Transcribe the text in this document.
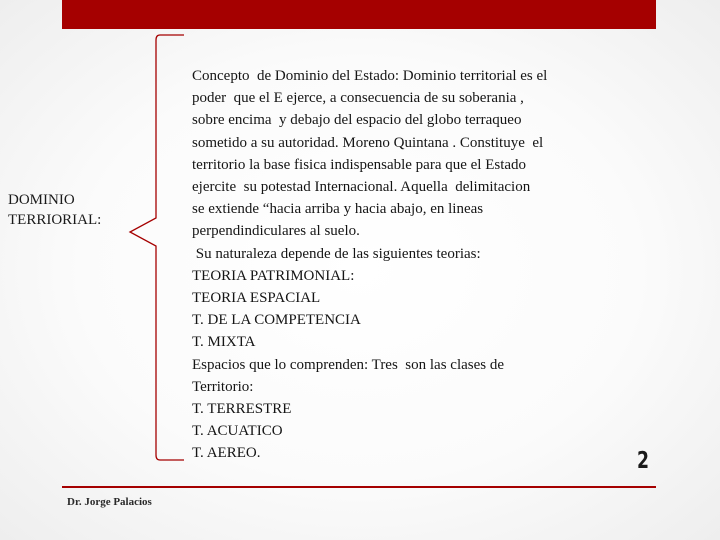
DOMINIO
TERRIORIAL:
Concepto  de Dominio del Estado: Dominio territorial es el
poder  que el E ejerce, a consecuencia de su soberania ,
sobre encima  y debajo del espacio del globo terraqueo
sometido a su autoridad. Moreno Quintana . Constituye  el
territorio la base fisica indispensable para que el Estado
ejercite  su potestad Internacional. Aquella  delimitacion
se extiende “hacia arriba y hacia abajo, en lineas
perpendindiculares al suelo.
Su naturaleza depende de las siguientes teorias:
TEORIA PATRIMONIAL:
TEORIA ESPACIAL
T. DE LA COMPETENCIA
T. MIXTA
Espacios que lo comprenden: Tres  son las clases de
Territorio:
T. TERRESTRE
T. ACUATICO
T. AEREO.	2
Dr. Jorge Palacios
